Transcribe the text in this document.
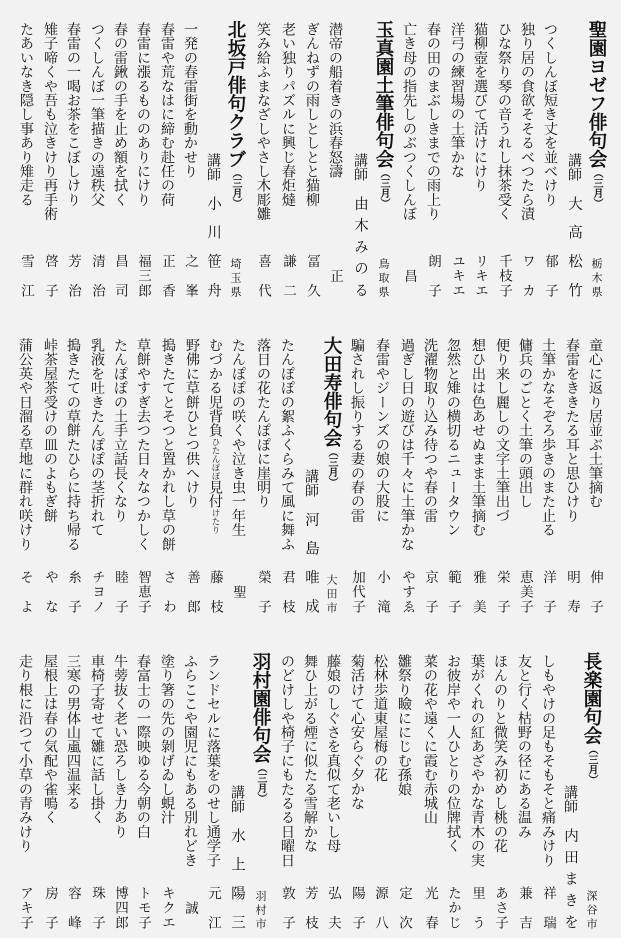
聖園ヨゼフ俳句会（三月）
栃木県
講師
大高松竹
つくしんぼ短き丈を並べけり
郁子
独り居の食欲そそるべつたら漬
ワカ
ひな祭り琴の音うれし抹茶受く
千枝子
猫柳壺を選びて活けにけり
リキエ
洋弓の練習場の土筆かな
ユキエ
春の田のまぶしきまでの雨上り
朗子
亡き母の指先しのぶつくしんぼ
昌
玉真園土筆俳句会（三月）
鳥取県
講師
由木みのる
潜帝の船着きの浜春怒濤
正
ぎんねずの雨しとしとと猫柳
冨久
老い独りパズルに興じ春炬燵
謙二
笑み給ふまなざしやさし木彫雛
喜代
北坂戸俳句クラブ（三月）
埼玉県
講師
小川笹舟
一発の春雷街を動かせり
之峯
春雷や荒なはに締む赴任の荷
正香
春雷に漲るもののありにけり
福三郎
春の雷鍬の手を止め額を拭く
昌司
つくしんぼ一筆描きの遠秩父
清治
春雷の一喝お茶をこぼしけり
芳治
雉子啼くや吾も泣きけり再手術
啓子
たあいなき隠し事あり雉走る
雪江
童心に返り居並ぶ土筆摘む
伸子
春雷をききたる耳と思ひけり
明寿
土筆かなそぞろ歩きのまた止る
洋子
傭兵のごとく土筆の頭出し
恵美子
便り来し麗しの文字土筆出づ
栄子
想ひ出は色あせぬまま土筆摘む
雅美
忽然と雉の横切るニュータウン
範子
洗濯物取り込み待つや春の雷
京子
過ぎし日の遊びは千々に土筆かな
やすゑ
春雷やジーンズの娘の大股に
小滝
騙されし振りする妻の春の雷
加代子
大田寿俳句会（三月）
大田市
講師
河島唯成
たんぽぽの絮ふくらみて風に舞ふ
君枝
落日の花たんぽぽに崖明り
榮子
たんぽぽの咲くや泣き虫一年生
聖
むづかる児背負ひたんぽぽ見付けたり
藤枝
野佛に草餅ひとつ供へけり
善郎
搗きたてとそつと置かれし草の餅
さわ
草餅やすぎ去つた日々なつかしく
智恵子
たんぽぽの土手立話長くなり
睦子
乳液を吐きたんぽぽの茎折れて
チヨノ
搗きたての草餅たひらに持ち帰る
糸子
峠茶屋茶受けの皿のよもぎ餅
やな
蒲公英や日溜る草地に群れ咲けり
そよ
長楽園句会（三月）
深谷市
講師
内田まきを
しもやけの足もそもそと痛みけり
祥瑞
友と行く枯野の径にある温み
兼吉
ほんのりと微笑み初めし桃の花
あさ子
葉がくれの紅あざやかな青木の実
里う
お彼岸や一人ひとりの位牌拭く
たかじ
菜の花や遠くに霞む赤城山
光春
雛祭り瞼ににじむ孫娘
定次
松林歩道東屋梅の花
源八
菊活けて心安らぐ夕かな
陽子
藤娘のしぐさを真似て老いし母
弘夫
舞ひ上がる煙に似たる雪解かな
芳枝
のどけしや椅子にもたるる日曜日
敦子
羽村園俳句会（三月）
羽村市
講師
水上陽三
ランドセルに落葉をのせし通学子
元江
ふらここや園児にもある別れどき
誠
塗り箸の先の剝げゐし蜆汁
キクエ
春富士の一際映ゆる今朝の白
トモ子
牛蒡抜く老い恐ろしき力あり
博四郎
車椅子寄せて雛に話し掛く
珠子
三寒の男体山颪四温来る
容峰
屋根上は春の気配や雀鳴く
房子
走り根に沿つて小草の青みけり
アキ子
